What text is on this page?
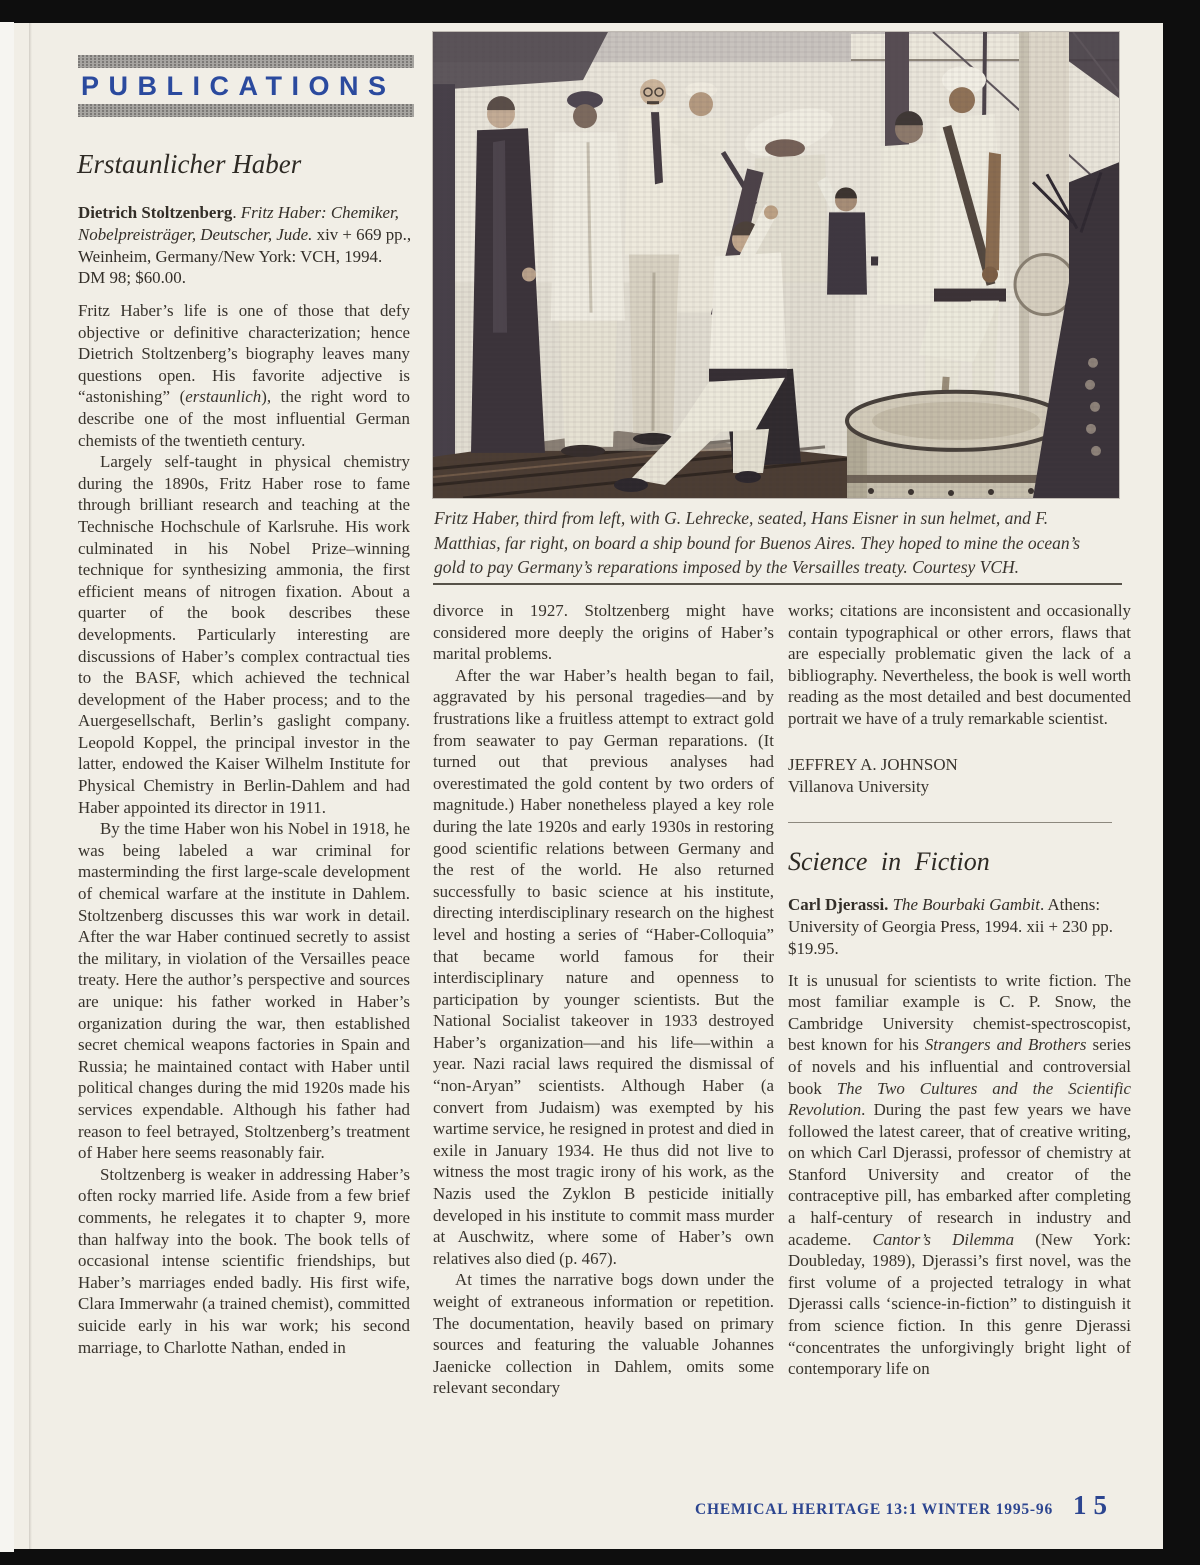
PUBLICATIONS
Erstaunlicher Haber
Dietrich Stoltzenberg. Fritz Haber: Chemiker, Nobelpreisträger, Deutscher, Jude. xiv + 669 pp., Weinheim, Germany/New York: VCH, 1994. DM 98; $60.00.

Fritz Haber’s life is one of those that defy objective or definitive characterization; hence Dietrich Stoltzenberg’s biography leaves many questions open. His favorite adjective is “astonishing” (erstaunlich), the right word to describe one of the most influential German chemists of the twentieth century.

Largely self-taught in physical chemistry during the 1890s, Fritz Haber rose to fame through brilliant research and teaching at the Technische Hochschule of Karlsruhe. His work culminated in his Nobel Prize–winning technique for synthesizing ammonia, the first efficient means of nitrogen fixation. About a quarter of the book describes these developments. Particularly interesting are discussions of Haber’s complex contractual ties to the BASF, which achieved the technical development of the Haber process; and to the Auergesellschaft, Berlin’s gaslight company. Leopold Koppel, the principal investor in the latter, endowed the Kaiser Wilhelm Institute for Physical Chemistry in Berlin-Dahlem and had Haber appointed its director in 1911.

By the time Haber won his Nobel in 1918, he was being labeled a war criminal for masterminding the first large-scale development of chemical warfare at the institute in Dahlem. Stoltzenberg discusses this war work in detail. After the war Haber continued secretly to assist the military, in violation of the Versailles peace treaty. Here the author’s perspective and sources are unique: his father worked in Haber’s organization during the war, then established secret chemical weapons factories in Spain and Russia; he maintained contact with Haber until political changes during the mid 1920s made his services expendable. Although his father had reason to feel betrayed, Stoltzenberg’s treatment of Haber here seems reasonably fair.

Stoltzenberg is weaker in addressing Haber’s often rocky married life. Aside from a few brief comments, he relegates it to chapter 9, more than halfway into the book. The book tells of occasional intense scientific friendships, but Haber’s marriages ended badly. His first wife, Clara Immerwahr (a trained chemist), committed suicide early in his war work; his second marriage, to Charlotte Nathan, ended in

Fritz Haber, third from left, with G. Lehrecke, seated, Hans Eisner in sun helmet, and F. Matthias, far right, on board a ship bound for Buenos Aires. They hoped to mine the ocean’s gold to pay Germany’s reparations imposed by the Versailles treaty. Courtesy VCH.

divorce in 1927. Stoltzenberg might have considered more deeply the origins of Haber’s marital problems.

After the war Haber’s health began to fail, aggravated by his personal tragedies—and by frustrations like a fruitless attempt to extract gold from seawater to pay German reparations. (It turned out that previous analyses had overestimated the gold content by two orders of magnitude.) Haber nonetheless played a key role during the late 1920s and early 1930s in restoring good scientific relations between Germany and the rest of the world. He also returned successfully to basic science at his institute, directing interdisciplinary research on the highest level and hosting a series of “Haber-Colloquia” that became world famous for their interdisciplinary nature and openness to participation by younger scientists. But the National Socialist takeover in 1933 destroyed Haber’s organization—and his life—within a year. Nazi racial laws required the dismissal of “non-Aryan” scientists. Although Haber (a convert from Judaism) was exempted by his wartime service, he resigned in protest and died in exile in January 1934. He thus did not live to witness the most tragic irony of his work, as the Nazis used the Zyklon B pesticide initially developed in his institute to commit mass murder at Auschwitz, where some of Haber’s own relatives also died (p. 467).

At times the narrative bogs down under the weight of extraneous information or repetition. The documentation, heavily based on primary sources and featuring the valuable Johannes Jaenicke collection in Dahlem, omits some relevant secondary

works; citations are inconsistent and occasionally contain typographical or other errors, flaws that are especially problematic given the lack of a bibliography. Nevertheless, the book is well worth reading as the most detailed and best documented portrait we have of a truly remarkable scientist.

JEFFREY A. JOHNSON
Villanova University
Science in Fiction
Carl Djerassi. The Bourbaki Gambit. Athens: University of Georgia Press, 1994. xii + 230 pp. $19.95.

It is unusual for scientists to write fiction. The most familiar example is C. P. Snow, the Cambridge University chemist-spectroscopist, best known for his Strangers and Brothers series of novels and his influential and controversial book The Two Cultures and the Scientific Revolution. During the past few years we have followed the latest career, that of creative writing, on which Carl Djerassi, professor of chemistry at Stanford University and creator of the contraceptive pill, has embarked after completing a half-century of research in industry and academe. Cantor’s Dilemma (New York: Doubleday, 1989), Djerassi’s first novel, was the first volume of a projected tetralogy in what Djerassi calls ‘science-in-fiction” to distinguish it from science fiction. In this genre Djerassi “concentrates the unforgivingly bright light of contemporary life on

CHEMICAL HERITAGE 13:1 WINTER 1995-96 15
